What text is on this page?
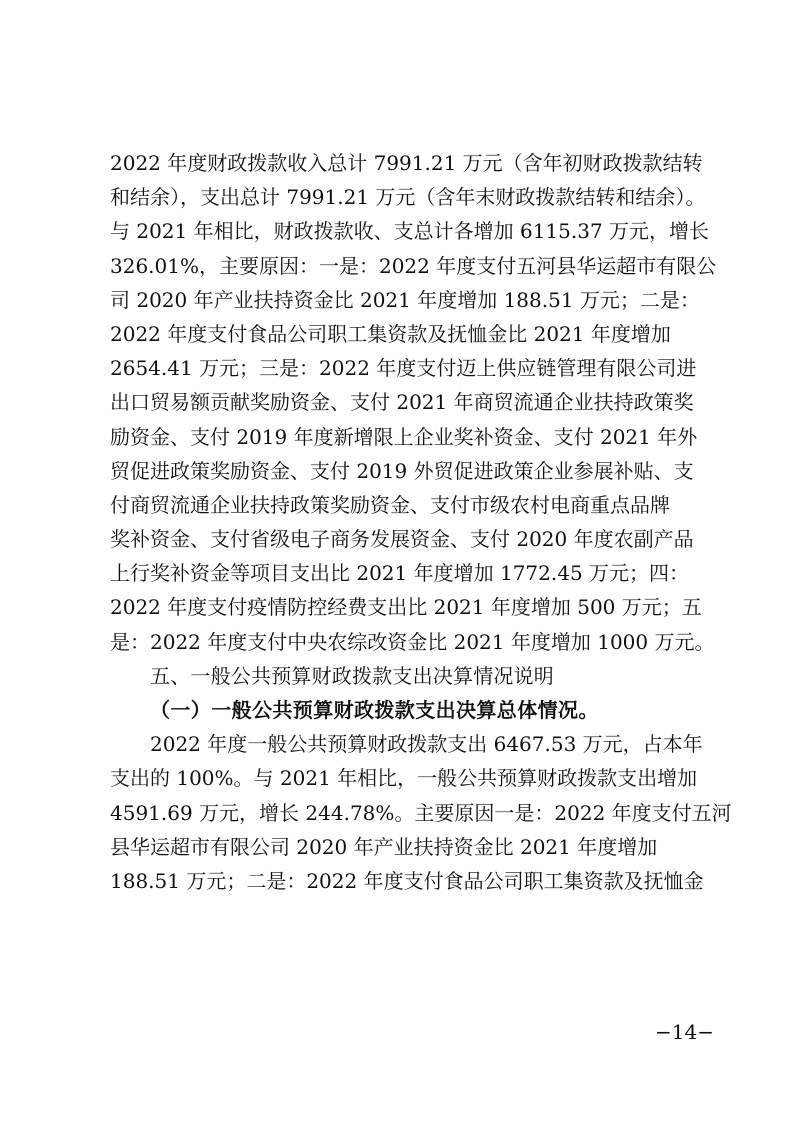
2022 年度财政拨款收入总计 7991.21 万元（含年初财政拨款结转
和结余），支出总计 7991.21 万元（含年末财政拨款结转和结余）。
与 2021 年相比，财政拨款收、支总计各增加 6115.37 万元，增长
326.01%，主要原因：一是：2022 年度支付五河县华运超市有限公
司 2020 年产业扶持资金比 2021 年度增加 188.51 万元；二是：
2022 年度支付食品公司职工集资款及抚恤金比 2021 年度增加
2654.41 万元；三是：2022 年度支付迈上供应链管理有限公司进
出口贸易额贡献奖励资金、支付 2021 年商贸流通企业扶持政策奖
励资金、支付 2019 年度新增限上企业奖补资金、支付 2021 年外
贸促进政策奖励资金、支付 2019 外贸促进政策企业参展补贴、支
付商贸流通企业扶持政策奖励资金、支付市级农村电商重点品牌
奖补资金、支付省级电子商务发展资金、支付 2020 年度农副产品
上行奖补资金等项目支出比 2021 年度增加 1772.45 万元；四：
2022 年度支付疫情防控经费支出比 2021 年度增加 500 万元；五
是：2022 年度支付中央农综改资金比 2021 年度增加 1000 万元。
五、一般公共预算财政拨款支出决算情况说明
（一）一般公共预算财政拨款支出决算总体情况。
2022 年度一般公共预算财政拨款支出 6467.53 万元，占本年
支出的 100%。与 2021 年相比，一般公共预算财政拨款支出增加
4591.69 万元，增长 244.78%。主要原因一是：2022 年度支付五河
县华运超市有限公司 2020 年产业扶持资金比 2021 年度增加
188.51 万元；二是：2022 年度支付食品公司职工集资款及抚恤金
−14−
